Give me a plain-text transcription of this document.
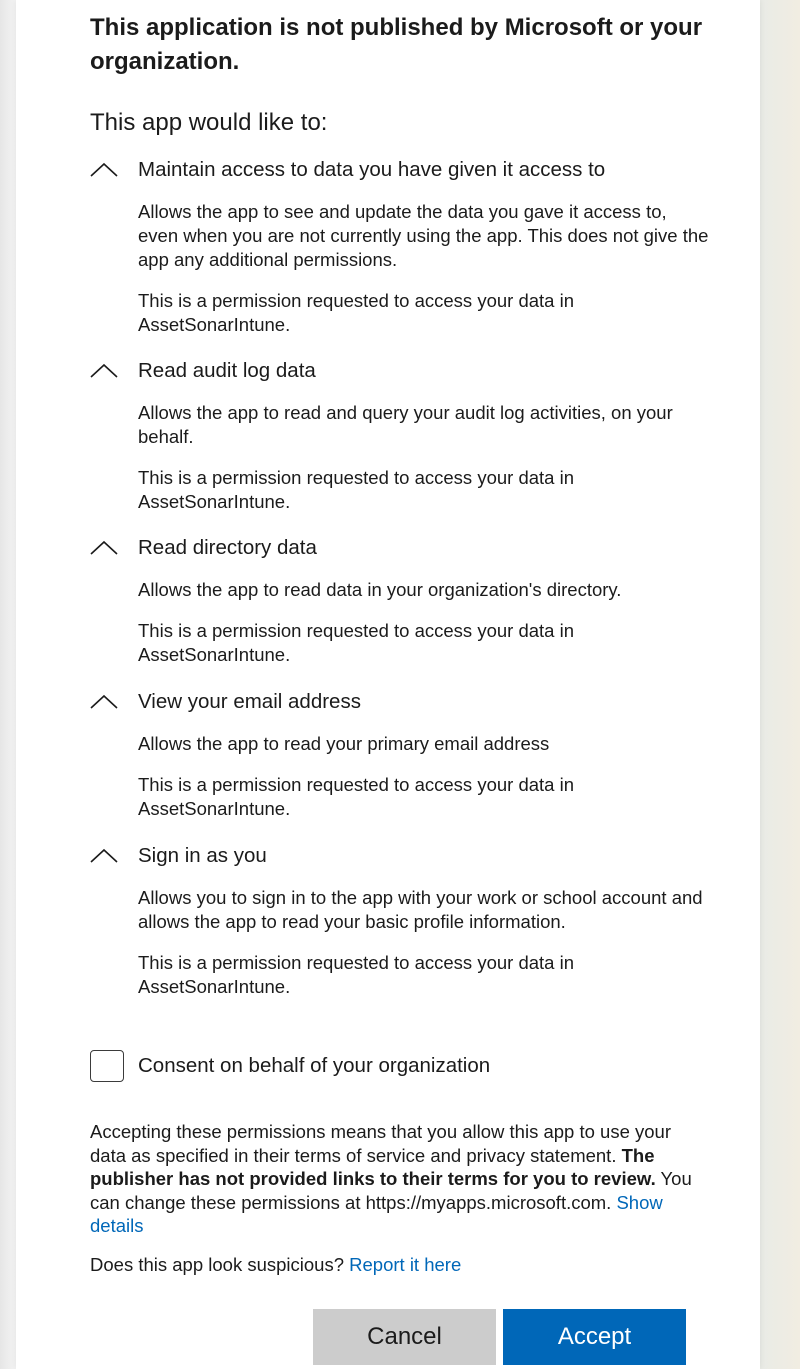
This application is not published by Microsoft or your organization.
This app would like to:
Maintain access to data you have given it access to
Allows the app to see and update the data you gave it access to, even when you are not currently using the app. This does not give the app any additional permissions.
This is a permission requested to access your data in
AssetSonarIntune.
Read audit log data
Allows the app to read and query your audit log activities, on your behalf.
This is a permission requested to access your data in
AssetSonarIntune.
Read directory data
Allows the app to read data in your organization's directory.
This is a permission requested to access your data in
AssetSonarIntune.
View your email address
Allows the app to read your primary email address
This is a permission requested to access your data in
AssetSonarIntune.
Sign in as you
Allows you to sign in to the app with your work or school account and allows the app to read your basic profile information.
This is a permission requested to access your data in
AssetSonarIntune.
Consent on behalf of your organization
Accepting these permissions means that you allow this app to use your data as specified in their terms of service and privacy statement. The publisher has not provided links to their terms for you to review. You can change these permissions at https://myapps.microsoft.com. Show details
Does this app look suspicious? Report it here
Cancel	Accept
